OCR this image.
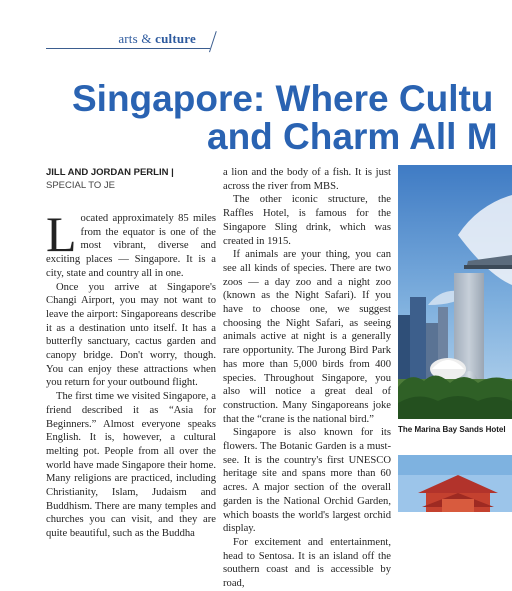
arts & culture
Singapore: Where Cultu
and Charm All M
JILL AND JORDAN PERLIN |
SPECIAL TO JE

Located approximately 85 miles from the equator is one of the most vibrant, diverse and exciting places — Singapore. It is a city, state and country all in one.

Once you arrive at Singapore's Changi Airport, you may not want to leave the airport: Singaporeans describe it as a destination unto itself. It has a butterfly sanctuary, cactus garden and canopy bridge. Don't worry, though. You can enjoy these attractions when you return for your outbound flight.

The first time we visited Singapore, a friend described it as “Asia for Beginners.” Almost everyone speaks English. It is, however, a cultural melting pot. People from all over the world have made Singapore their home. Many religions are practiced, including Christianity, Islam, Judaism and Buddhism. There are many temples and churches you can visit, and they are quite beautiful, such as the Buddha

a lion and the body of a fish. It is just across the river from MBS.

The other iconic structure, the Raffles Hotel, is famous for the Singapore Sling drink, which was created in 1915.

If animals are your thing, you can see all kinds of species. There are two zoos — a day zoo and a night zoo (known as the Night Safari). If you have to choose one, we suggest choosing the Night Safari, as seeing animals active at night is a generally rare opportunity. The Jurong Bird Park has more than 5,000 birds from 400 species. Throughout Singapore, you also will notice a great deal of construction. Many Singaporeans joke that the “crane is the national bird.”

Singapore is also known for its flowers. The Botanic Garden is a must-see. It is the country's first UNESCO heritage site and spans more than 60 acres. A major section of the overall garden is the National Orchid Garden, which boasts the world's largest orchid display.

For excitement and entertainment, head to Sentosa. It is an island off the southern coast and is accessible by road,

The Marina Bay Sands Hotel
